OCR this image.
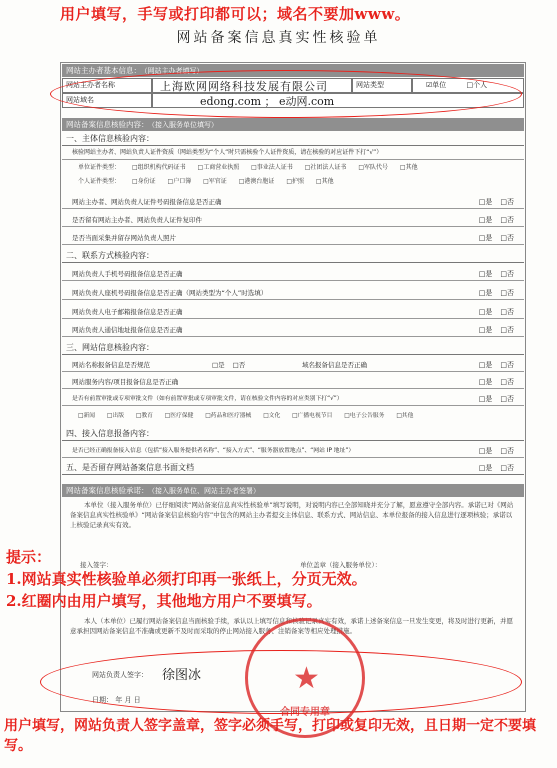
用户填写，手写或打印都可以；域名不要加www。
网站备案信息真实性核验单
网站主办者基本信息： （网站主办者填写）
网站主办者名称	上海欧网网络科技发展有限公司	网站类型	☑单位	□个人
网站域名	edong.com ； e动网.com
网站备案信息核验内容： （接入服务单位填写）
一、主体信息核验内容：
核验网站主办者、网站负责人证件资质（网站类型为“个人”时只需核验个人证件资质，请在核验的对应证件下打“√”）
单位证件类型： □组织机构代码证书 □工商营业执照 □事业法人证书 □社团法人证书 □军队代号 □其他
个人证件类型： □身份证 □户口簿 □军官证 □港澳台胞证 □护照 □其他
网站主办者、网站负责人证件号码报备信息是否正确	□是 □否
是否留有网站主办者、网站负责人证件复印件	□是 □否
是否当面采集并留存网站负责人照片	□是 □否
二、联系方式核验内容：
网站负责人手机号码报备信息是否正确	□是 □否
网站负责人座机号码报备信息是否正确（网站类型为“个人”时选填）	□是 □否
网站负责人电子邮箱报备信息是否正确	□是 □否
网站负责人通信地址报备信息是否正确	□是 □否
三、网站信息核验内容：
网站名称报备信息是否规范	□是 □否	域名报备信息是否正确	□是 □否
网站服务内容/项目报备信息是否正确	□是 □否
是否有前置审批或专项审批文件（如有前置审批或专项审批文件，请在核验文件内容的对应类别下打“√”）	□是 □否
□新闻 □出版 □教育 □医疗保健 □药品和医疗器械 □文化 □广播电视节目 □电子公告服务 □其他
四、接入信息报备内容：
是否已经正确报备接入信息（包括“接入服务提供者名称”、“接入方式”、“服务器放置地点”、“网站 IP 地址”）	□是 □否
五、是否留存网站备案信息书面文档	□是 □否
网站备案信息核验承诺： （接入服务单位、网站主办者签署）
本单位（接入服务单位）已仔细阅读“网站备案信息真实性核验单”填写说明，对说明内容已全部知晓并充分了解，愿意遵守全部内容。承诺已对《网站备案信息真实性核验单》“网站备案信息核验内容”中包含的网站主办者提交主体信息、联系方式、网站信息、本单位报备的接入信息进行逐项核验；承诺以上核验记录真实有效。
接入签字：	单位盖章（接入服务单位）：
提示：
1.网站真实性核验单必须打印再一张纸上，分页无效。
2.红圈内由用户填写，其他地方用户不要填写。
本人（本单位）已履行网站备案信息当面核验手续，承认以上填写信息和核验记录真实有效，承诺上述备案信息一旦发生变更，将及时进行更新，并愿意承担因网站备案信息不准确或更新不及时而采取的停止网站接入服务、注销备案等相应处理措施。
网站负责人签字： 徐图冰
日期： 年 月 日
★
合同专用章
用户填写，网站负责人签字盖章，签字必须手写，打印或复印无效，且日期一定不要填写。
